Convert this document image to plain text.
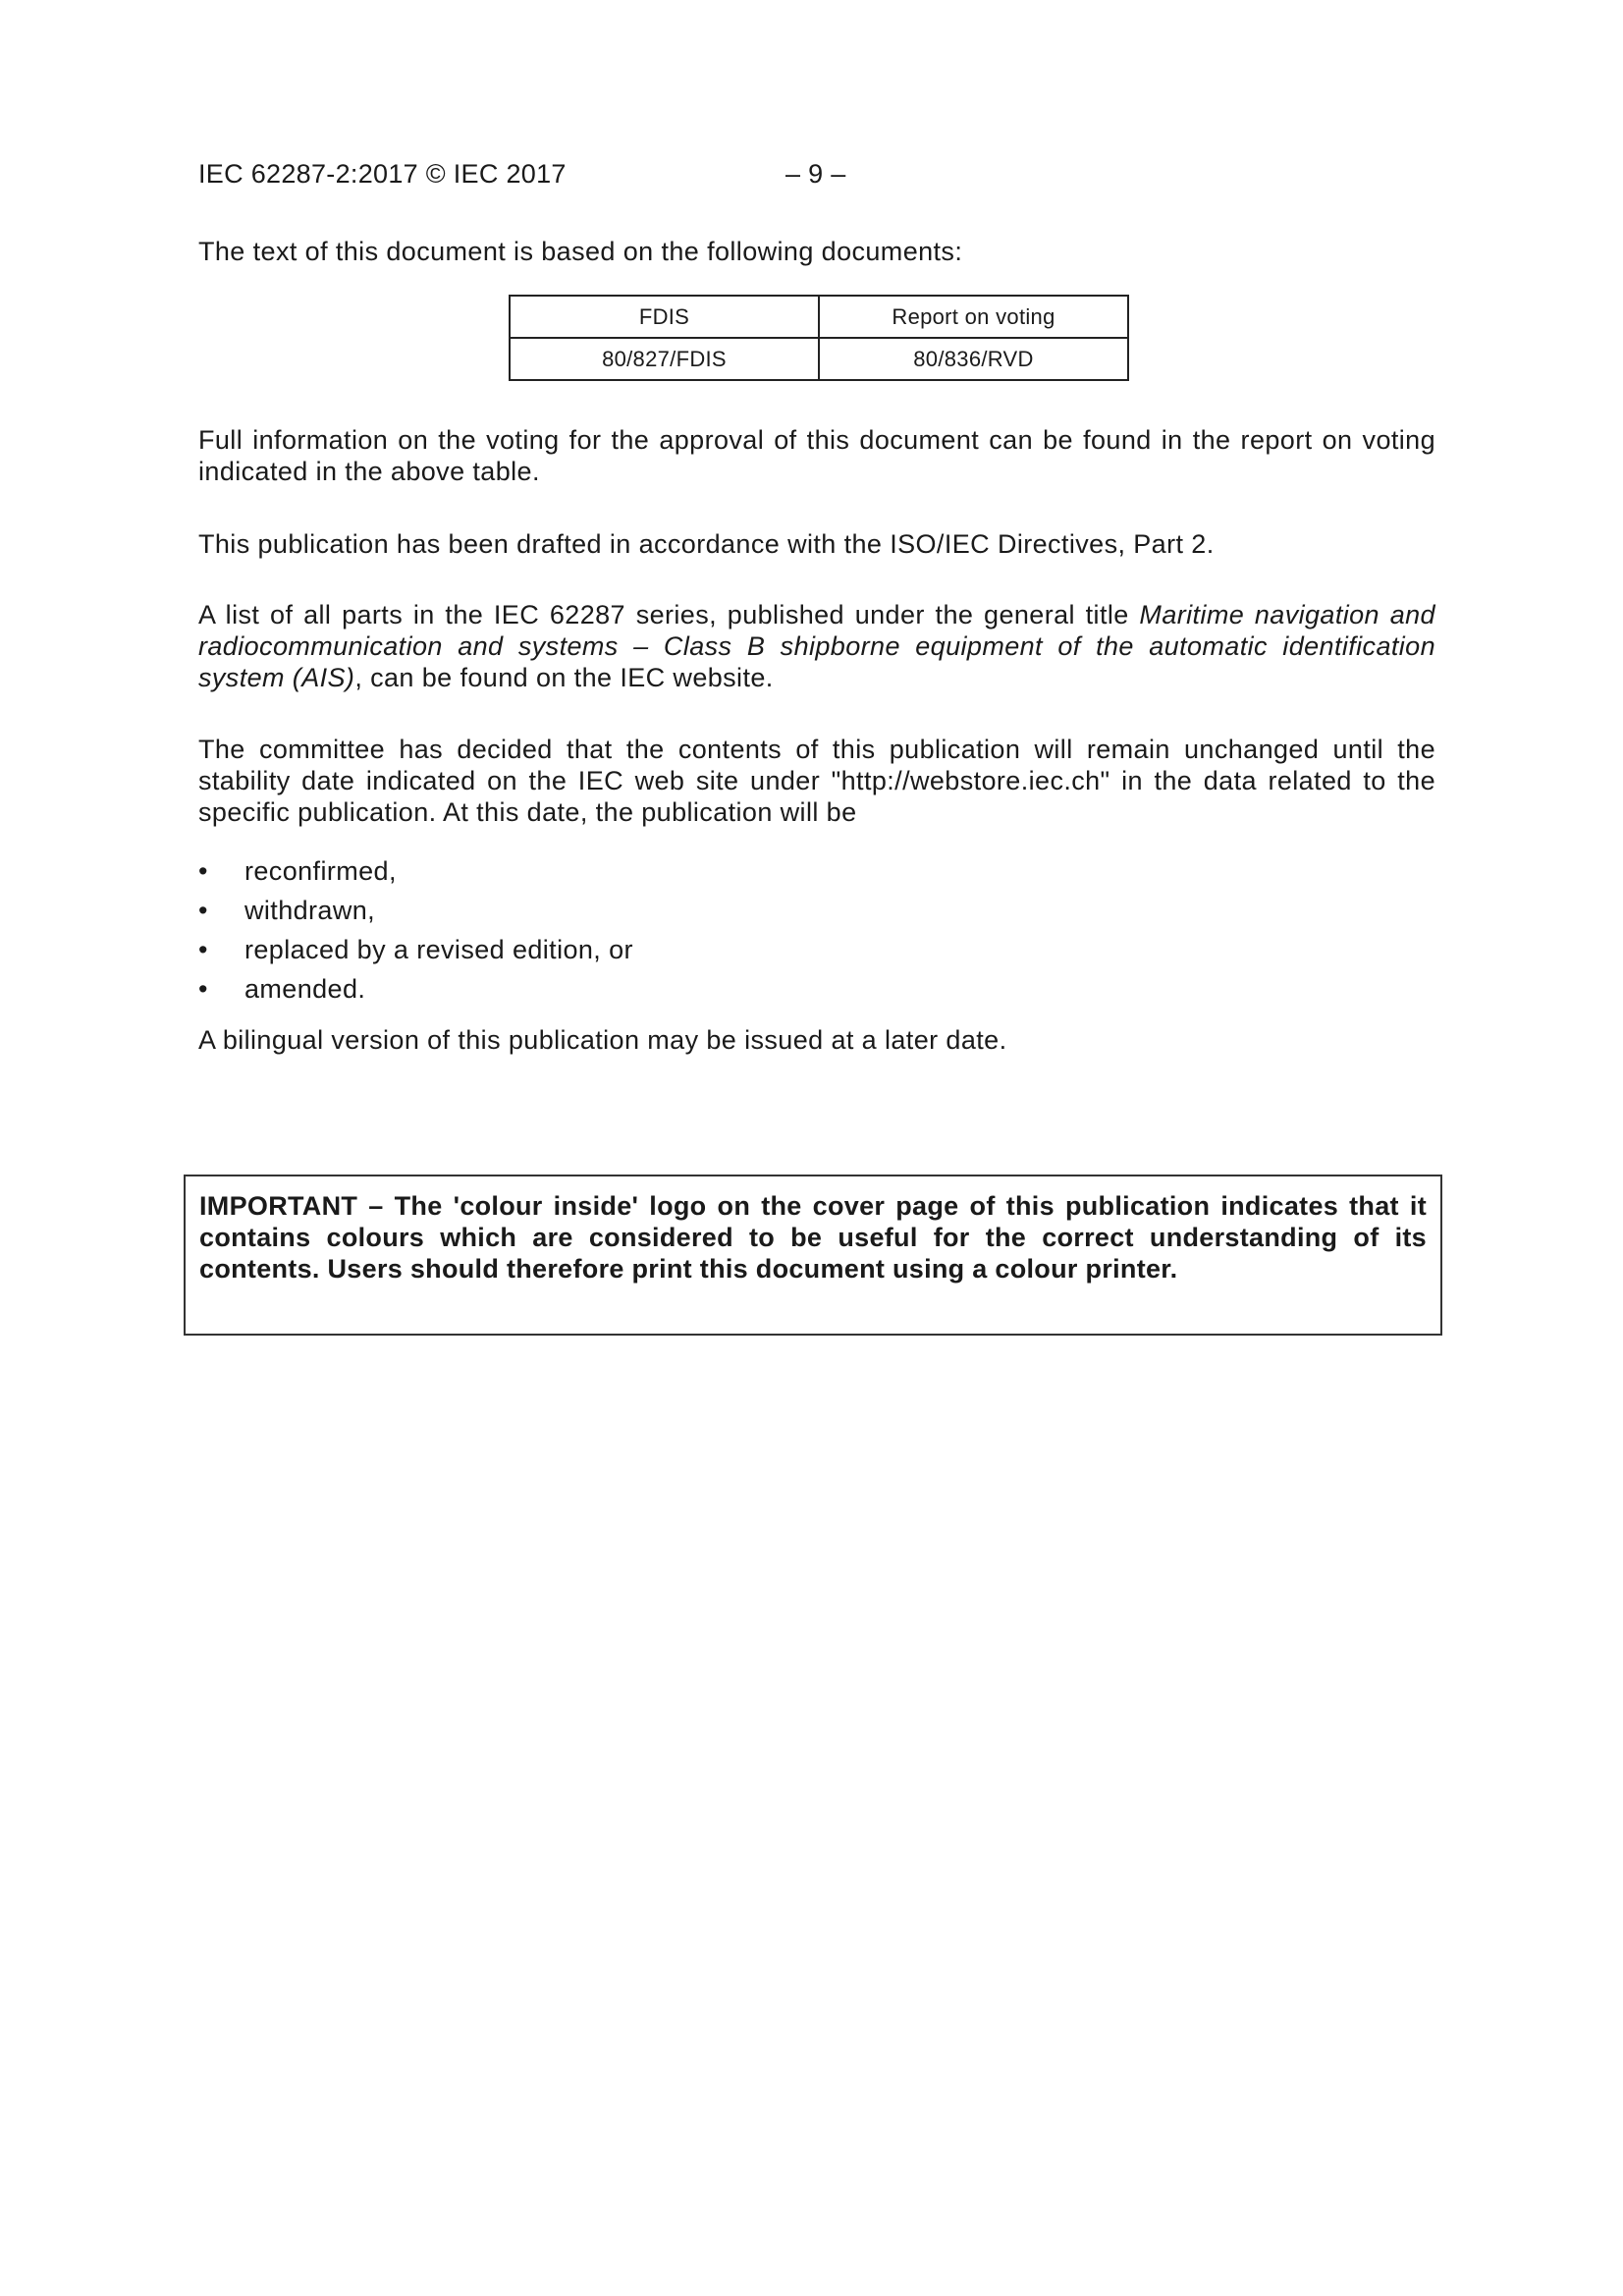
IEC 62287-2:2017 © IEC 2017	– 9 –

The text of this document is based on the following documents:

FDIS	Report on voting
80/827/FDIS	80/836/RVD

Full information on the voting for the approval of this document can be found in the report on voting indicated in the above table.

This publication has been drafted in accordance with the ISO/IEC Directives, Part 2.

A list of all parts in the IEC 62287 series, published under the general title Maritime navigation and radiocommunication and systems – Class B shipborne equipment of the automatic identification system (AIS), can be found on the IEC website.

The committee has decided that the contents of this publication will remain unchanged until the stability date indicated on the IEC web site under "http://webstore.iec.ch" in the data related to the specific publication. At this date, the publication will be

• reconfirmed,
• withdrawn,
• replaced by a revised edition, or
• amended.

A bilingual version of this publication may be issued at a later date.

IMPORTANT – The 'colour inside' logo on the cover page of this publication indicates that it contains colours which are considered to be useful for the correct understanding of its contents. Users should therefore print this document using a colour printer.
